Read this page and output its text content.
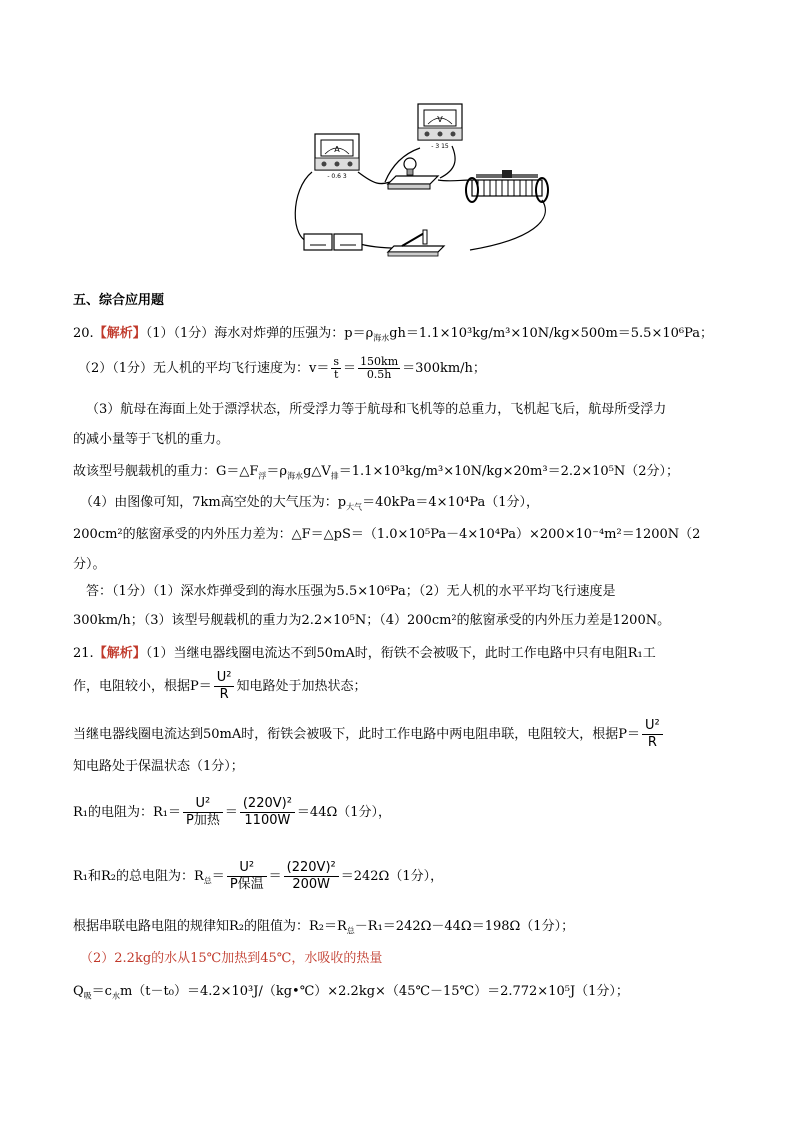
A
- 0.6 3
V
- 3 15
五、综合应用题
20.【解析】（1）（1分）海水对炸弹的压强为：$p=\rho_{海水}gh=1.1\times 10^3kg/m^3\times 10N/kg\times 500m=5.5\times 10^6Pa$；
（2）（1分）无人机的平均飞行速度为：$v= \frac{s}{t} = \frac{150km}{0.5h} =300km/h$；
（3）航母在海面上处于漂浮状态，所受浮力等于航母和飞机等的总重力，飞机起飞后，航母所受浮力
的减小量等于飞机的重力。
故该型号舰载机的重力：$G=\triangle F_浮=\rho_{海水}g\triangle V_排=1.1\times 10^3kg/m^3\times 10N/kg\times 20m^3=2.2\times 10^5N(2$分）；
（4）由图像可知，7km高空处的大气压为：$p_{大气}=40kPa=4\times 10^4Pa(1$分），
200cm²的舷窗承受的内外压力差为：△F＝△pS＝（1.0×10⁵Pa－4×10⁴Pa）×200×10⁻⁴m²＝1200N（2
分）。
答：（1分）（1）深水炸弹受到的海水压强为5.5×10⁶Pa；（2）无人机的水平平均飞行速度是
300km/h；（3）该型号舰载机的重力为2.2×10⁵N；（4）200cm²的舷窗承受的内外压力差是1200N。
21.【解析】（1）当继电器线圈电流达不到50mA时，衔铁不会被吸下，此时工作电路中只有电阻R₁工
作，电阻较小，根据$P= \frac{\text{U²}}{R}$ 知电路处于加热状态；
当继电器线圈电流达到50mA时，衔铁会被吸下，此时工作电路中两电阻串联，电阻较大，根据$P= \frac{\text{U²}}{R}$
知电路处于保温状态（1分）；
R₁的电阻为：$R_1= \frac{\text{U²}}{\text{P加热}} = \frac{\text{(220V)²}}{1100W} =44\Omega(1$分），
R₁和R₂的总电阻为：$R_总= \frac{\text{U²}}{\text{P保温}} = \frac{\text{(220V)²}}{200W} =242\Omega(1$分），
根据串联电路电阻的规律知R₂的阻值为：$R_2=R_总-R_1=242\Omega-44\Omega=198\Omega(1$分）；
（2）2.2kg的水从15℃加热到45℃，水吸收的热量
$Q_吸=c_水m(t-t_0)=4.2\times 10^3J/(kg•℃)\times 2.2kg\times(45℃-15℃)=2.772\times 10^5J(1$分）；
